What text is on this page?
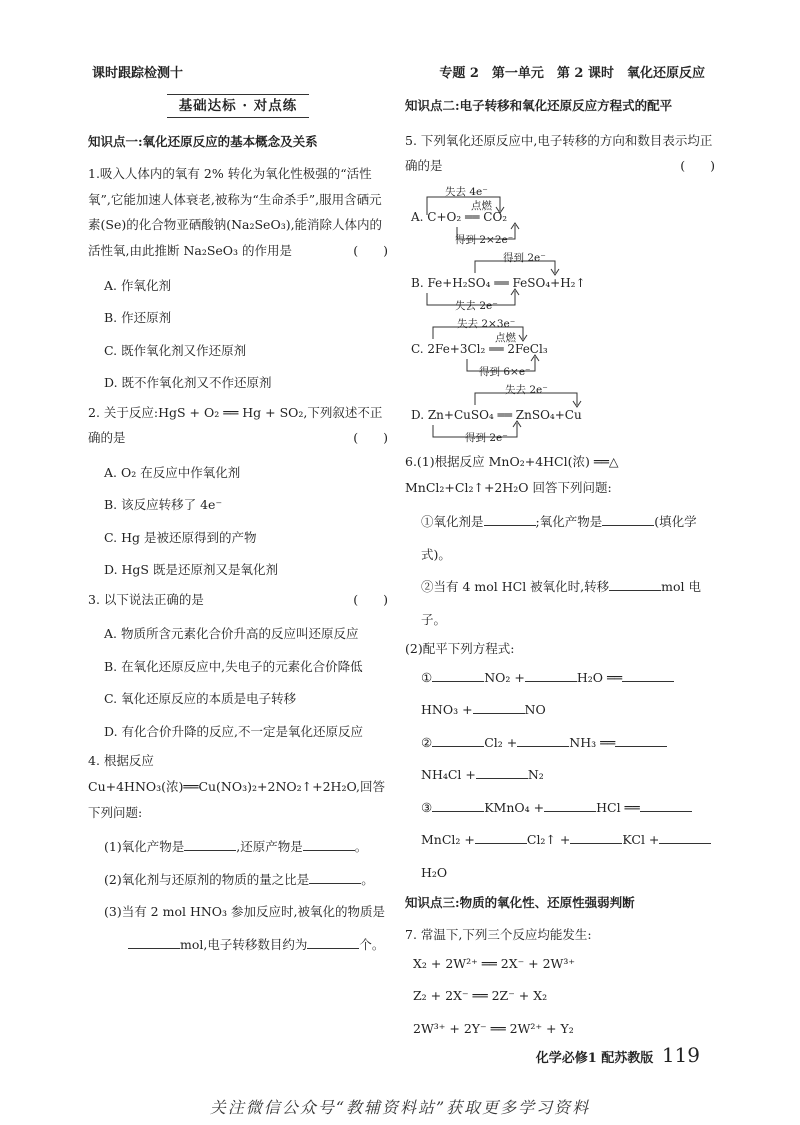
课时跟踪检测十	专题 2　第一单元　第 2 课时　氧化还原反应
基础达标 · 对点练
知识点一:氧化还原反应的基本概念及关系
1.吸入人体内的氧有 2% 转化为氧化性极强的“活性氧”,它能加速人体衰老,被称为“生命杀手”,服用含硒元素(Se)的化合物亚硒酸钠(Na₂SeO₃),能消除人体内的活性氧,由此推断 Na₂SeO₃ 的作用是	(　　)
A. 作氧化剂
B. 作还原剂
C. 既作氧化剂又作还原剂
D. 既不作氧化剂又不作还原剂
2. 关于反应:HgS + O₂ ══ Hg + SO₂,下列叙述不正确的是	(　　)
A. O₂ 在反应中作氧化剂
B. 该反应转移了 4e⁻
C. Hg 是被还原得到的产物
D. HgS 既是还原剂又是氧化剂
3. 以下说法正确的是	(　　)
A. 物质所含元素化合价升高的反应叫还原反应
B. 在氧化还原反应中,失电子的元素化合价降低
C. 氧化还原反应的本质是电子转移
D. 有化合价升降的反应,不一定是氧化还原反应
4. 根据反应 Cu+4HNO₃(浓)══Cu(NO₃)₂+2NO₂↑+2H₂O,回答下列问题:
(1)氧化产物是	,还原产物是	。
(2)氧化剂与还原剂的物质的量之比是	。
(3)当有 2 mol HNO₃ 参加反应时,被氧化的物质是
mol,电子转移数目约为	个。
知识点二:电子转移和氧化还原反应方程式的配平
5. 下列氧化还原反应中,电子转移的方向和数目表示均正确的是	(　　)
失去 4e⁻
点燃
A. C+O₂ ══ CO₂
得到 2×2e⁻
得到 2e⁻
B. Fe+H₂SO₄ ══ FeSO₄+H₂↑
失去 2e⁻
失去 2×3e⁻
点燃
C. 2Fe+3Cl₂ ══ 2FeCl₃
得到 6×e⁻
失去 2e⁻
D. Zn+CuSO₄ ══ ZnSO₄+Cu
得到 2e⁻
6.(1)根据反应 MnO₂+4HCl(浓) ══△ MnCl₂+Cl₂↑+2H₂O 回答下列问题:
①氧化剂是	;氧化产物是	(填化学式)。
②当有 4 mol HCl 被氧化时,转移	mol 电子。
(2)配平下列方程式:
①	NO₂ +	H₂O ══
HNO₃ +	NO
②	Cl₂ +	NH₃ ══
NH₄Cl +	N₂
③	KMnO₄ +	HCl ══
MnCl₂ +	Cl₂↑ +	KCl +H₂O
知识点三:物质的氧化性、还原性强弱判断
7. 常温下,下列三个反应均能发生:
X₂ + 2W²⁺ ══ 2X⁻ + 2W³⁺
Z₂ + 2X⁻ ══ 2Z⁻ + X₂
2W³⁺ + 2Y⁻ ══ 2W²⁺ + Y₂
化学必修1 配苏教版 119
关注微信公众号“教辅资料站”获取更多学习资料
